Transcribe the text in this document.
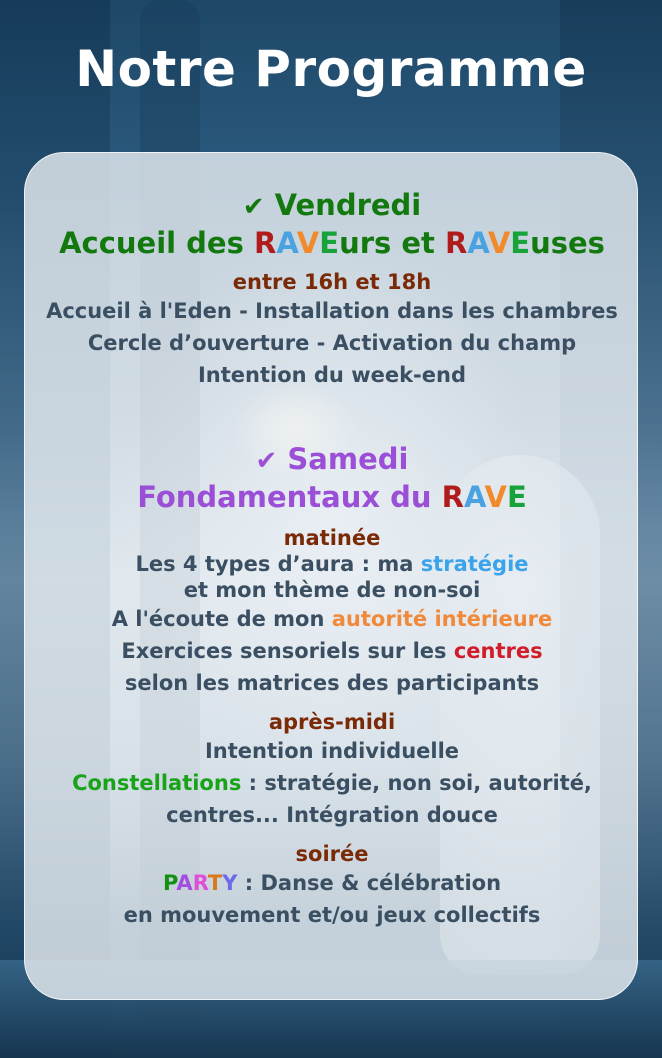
Notre Programme
✔ Vendredi
Accueil des RAVEurs et RAVEuses
entre 16h et 18h
Accueil à l'Eden - Installation dans les chambres
Cercle d’ouverture - Activation du champ
Intention du week-end
✔ Samedi
Fondamentaux du RAVE
matinée
Les 4 types d’aura : ma stratégie
et mon thème de non-soi
A l'écoute de mon autorité intérieure
Exercices sensoriels sur les centres
selon les matrices des participants
après-midi
Intention individuelle
Constellations : stratégie, non soi, autorité,
centres... Intégration douce
soirée
PARTY : Danse & célébration
en mouvement et/ou jeux collectifs
